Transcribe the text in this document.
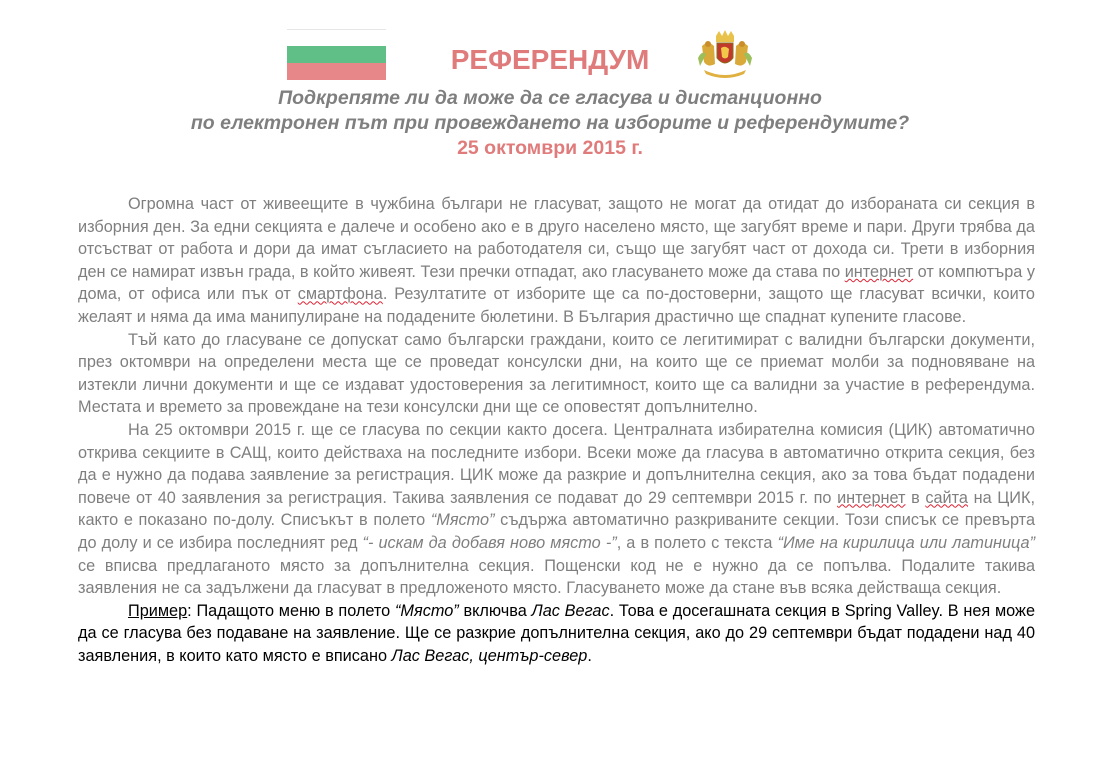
РЕФЕРЕНДУМ
Подкрепяте ли да може да се гласува и дистанционно
по електронен път при провеждането на изборите и референдумите?
25 октомври 2015 г.

Огромна част от живеещите в чужбина българи не гласуват, защото не могат да отидат до избораната си секция в изборния ден. За едни секцията е далече и особено ако е в друго населено място, ще загубят време и пари. Други трябва да отсъстват от работа и дори да имат съгласието на работодателя си, също ще загубят част от дохода си. Трети в изборния ден се намират извън града, в който живеят. Тези пречки отпадат, ако гласуването може да става по интернет от компютъра у дома, от офиса или пък от смартфона. Резултатите от изборите ще са по-достоверни, защото ще гласуват всички, които желаят и няма да има манипулиране на подадените бюлетини. В България драстично ще спаднат купените гласове.

Тъй като до гласуване се допускат само български граждани, които се легитимират с валидни български документи, през октомври на определени места ще се проведат консулски дни, на които ще се приемат молби за подновяване на изтекли лични документи и ще се издават удостоверения за легитимност, които ще са валидни за участие в референдума. Местата и времето за провеждане на тези консулски дни ще се оповестят допълнително.

На 25 октомври 2015 г. ще се гласува по секции както досега. Централната избирателна комисия (ЦИК) автоматично открива секциите в САЩ, които действаха на последните избори. Всеки може да гласува в автоматично открита секция, без да е нужно да подава заявление за регистрация. ЦИК може да разкрие и допълнителна секция, ако за това бъдат подадени повече от 40 заявления за регистрация. Такива заявления се подават до 29 септември 2015 г. по интернет в сайта на ЦИК, както е показано по-долу. Списъкът в полето “Място” съдържа автоматично разкриваните секции. Този списък се превърта до долу и се избира последният ред “- искам да добавя ново място -”, а в полето с текста “Име на кирилица или латиница” се вписва предлаганото място за допълнителна секция. Пощенски код не е нужно да се попълва. Подалите такива заявления не са задължени да гласуват в предложеното място. Гласуването може да стане във всяка действаща секция.

Пример: Падащото меню в полето “Място” включва Лас Вегас. Това е досегашната секция в Spring Valley. В нея може да се гласува без подаване на заявление. Ще се разкрие допълнителна секция, ако до 29 септември бъдат подадени над 40 заявления, в които като място е вписано Лас Вегас, център-север.
